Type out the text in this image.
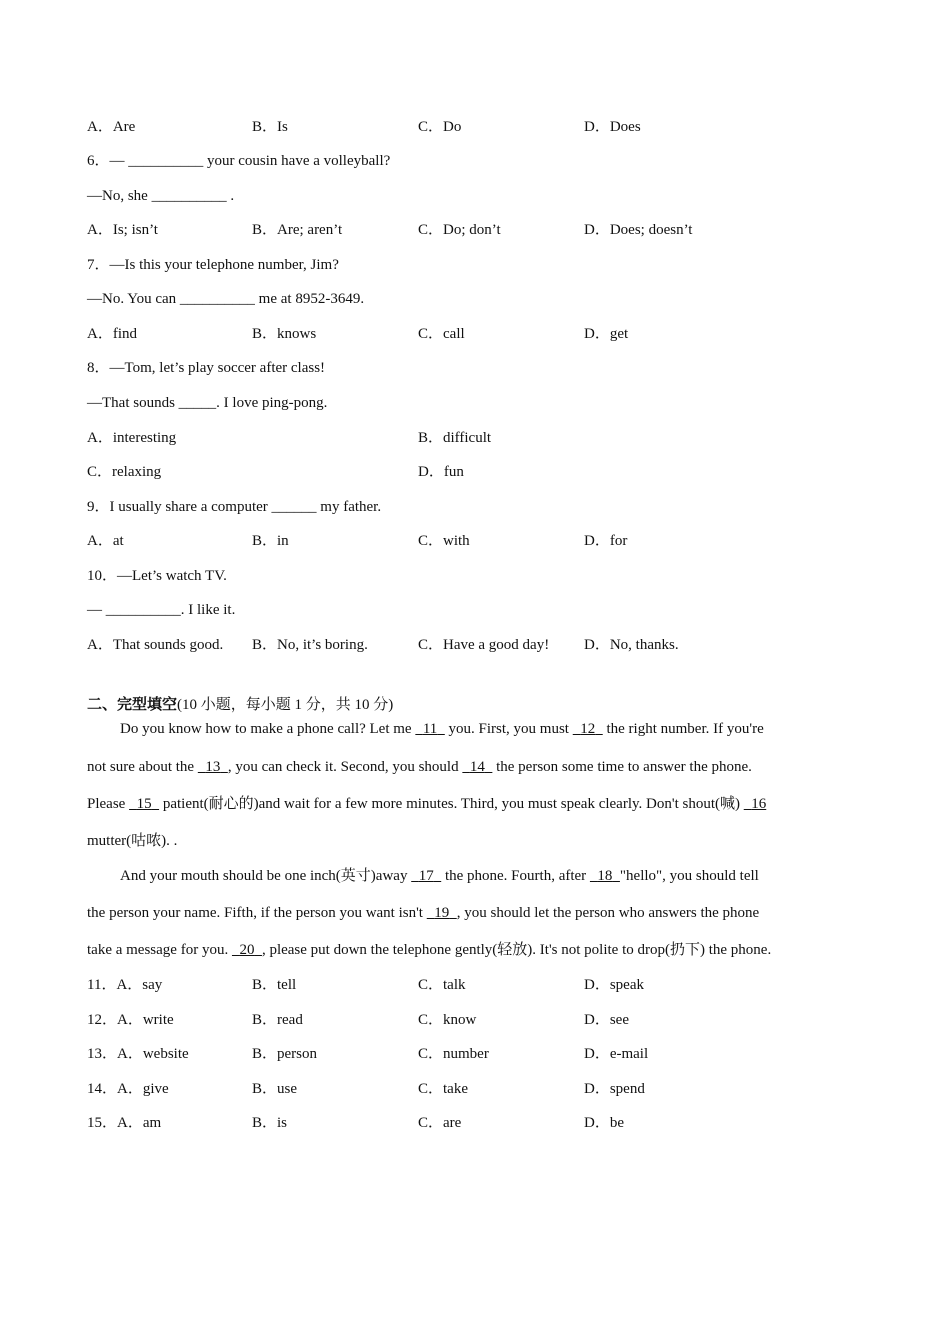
A．Are	B．Is	C．Do	D．Does
6．— __________ your cousin have a volleyball?
—No, she __________ .
A．Is; isn’t	B．Are; aren’t	C．Do; don’t	D．Does; doesn’t
7．—Is this your telephone number, Jim?
—No. You can __________ me at 8952-3649.
A．find	B．knows	C．call	D．get
8．—Tom, let’s play soccer after class!
—That sounds _____. I love ping-pong.
A．interesting	B．difficult
C．relaxing	D．fun
9．I usually share a computer ______ my father.
A．at	B．in	C．with	D．for
10．—Let’s watch TV.
— __________. I like it.
A．That sounds good. B．No, it’s boring.	C．Have a good day! D．No, thanks.
二、完型填空(10 小题，每小题 1 分，共 10 分)
Do you know how to make a phone call? Let me   11   you. First, you must   12   the right number. If you're
not sure about the   13 , you can check it. Second, you should   14   the person some time to answer the phone.
Please   15   patient(耐心的)and wait for a few more minutes. Third, you must speak clearly. Don't shout(喊)   16
mutter(咕哝). .
And your mouth should be one inch(英寸)away   17   the phone. Fourth, after   18 "hello", you should tell
the person your name. Fifth, if the person you want isn't   19 , you should let the person who answers the phone
take a message for you.   20 , please put down the telephone gently(轻放). It's not polite to drop(扔下) the phone.
11．A．say	B．tell	C．talk	D．speak
12．A．write	B．read	C．know	D．see
13．A．website	B．person	C．number	D．e-mail
14．A．give	B．use	C．take	D．spend
15．A．am	B．is	C．are	D．be
